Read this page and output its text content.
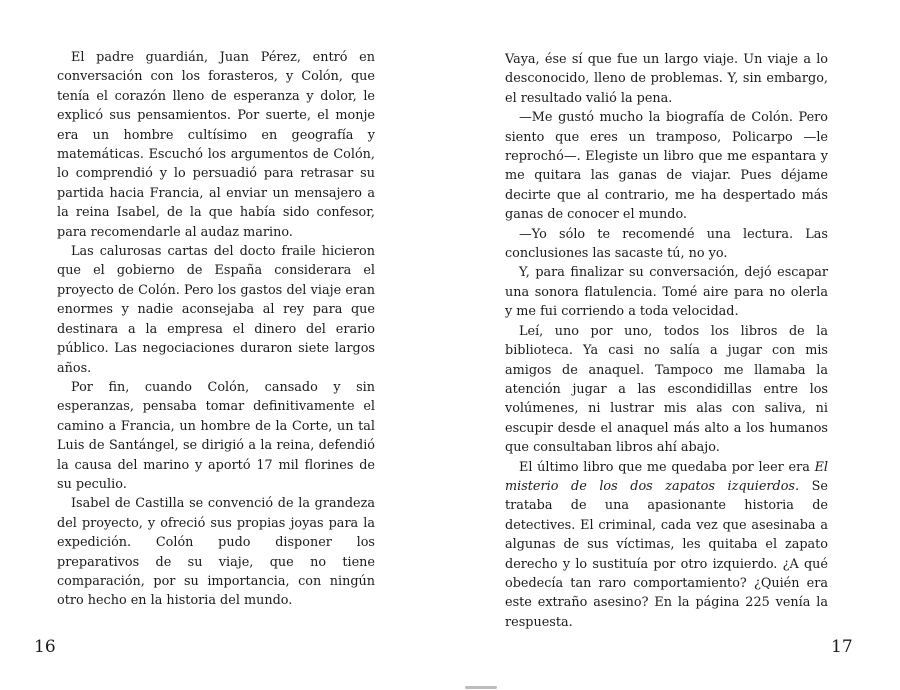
El padre guardián, Juan Pérez, entró en conversación con los forasteros, y Colón, que tenía el corazón lleno de esperanza y dolor, le explicó sus pensamientos. Por suerte, el monje era un hombre cultísimo en geografía y matemáticas. Escuchó los argumentos de Colón, lo comprendió y lo persuadió para retrasar su partida hacia Francia, al enviar un mensajero a la reina Isabel, de la que había sido confesor, para recomendarle al audaz marino.

Las calurosas cartas del docto fraile hicieron que el gobierno de España considerara el proyecto de Colón. Pero los gastos del viaje eran enormes y nadie aconsejaba al rey para que destinara a la empresa el dinero del erario público. Las negociaciones duraron siete largos años.

Por fin, cuando Colón, cansado y sin esperanzas, pensaba tomar definitivamente el camino a Francia, un hombre de la Corte, un tal Luis de Santángel, se dirigió a la reina, defendió la causa del marino y aportó 17 mil florines de su peculio.

Isabel de Castilla se convenció de la grandeza del proyecto, y ofreció sus propias joyas para la expedición. Colón pudo disponer los preparativos de su viaje, que no tiene comparación, por su importancia, con ningún otro hecho en la historia del mundo.

16

Vaya, ése sí que fue un largo viaje. Un viaje a lo desconocido, lleno de problemas. Y, sin embargo, el resultado valió la pena.

—Me gustó mucho la biografía de Colón. Pero siento que eres un tramposo, Policarpo —le reprochó—. Elegiste un libro que me espantara y me quitara las ganas de viajar. Pues déjame decirte que al contrario, me ha despertado más ganas de conocer el mundo.

—Yo sólo te recomendé una lectura. Las conclusiones las sacaste tú, no yo.

Y, para finalizar su conversación, dejó escapar una sonora flatulencia. Tomé aire para no olerla y me fui corriendo a toda velocidad.

Leí, uno por uno, todos los libros de la biblioteca. Ya casi no salía a jugar con mis amigos de anaquel. Tampoco me llamaba la atención jugar a las escondidillas entre los volúmenes, ni lustrar mis alas con saliva, ni escupir desde el anaquel más alto a los humanos que consultaban libros ahí abajo.

El último libro que me quedaba por leer era El misterio de los dos zapatos izquierdos. Se trataba de una apasionante historia de detectives. El criminal, cada vez que asesinaba a algunas de sus víctimas, les quitaba el zapato derecho y lo sustituía por otro izquierdo. ¿A qué obedecía tan raro comportamiento? ¿Quién era este extraño asesino? En la página 225 venía la respuesta.

17
